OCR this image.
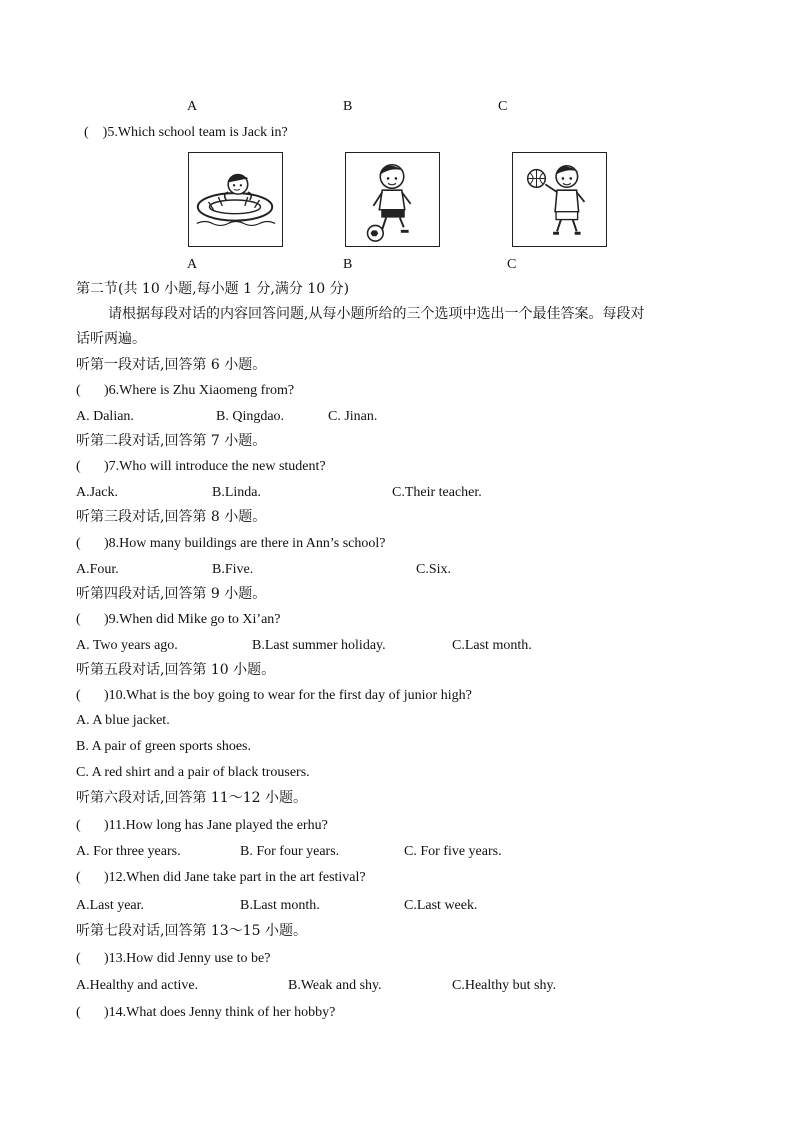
A	B	C
(    )5.Which school team is Jack in?
A	B	C
第二节(共 10 小题,每小题 1 分,满分 10 分)
请根据每段对话的内容回答问题,从每小题所给的三个选项中选出一个最佳答案。每段对
话听两遍。
听第一段对话,回答第 6 小题。
( )6.Where is Zhu Xiaomeng from?
A. Dalian.	B. Qingdao.	C. Jinan.
听第二段对话,回答第 7 小题。
( )7.Who will introduce the new student?
A.Jack.	B.Linda.	C.Their teacher.
听第三段对话,回答第 8 小题。
( )8.How many buildings are there in Ann’s school?
A.Four.	B.Five.	C.Six.
听第四段对话,回答第 9 小题。
( )9.When did Mike go to Xi’an?
A. Two years ago.	B.Last summer holiday.	C.Last month.
听第五段对话,回答第 10 小题。
( )10.What is the boy going to wear for the first day of junior high?
A. A blue jacket.
B. A pair of green sports shoes.
C. A red shirt and a pair of black trousers.
听第六段对话,回答第 11～12 小题。
( )11.How long has Jane played the erhu?
A. For three years.	B. For four years.	C. For five years.
( )12.When did Jane take part in the art festival?
A.Last year.	B.Last month.	C.Last week.
听第七段对话,回答第 13～15 小题。
( )13.How did Jenny use to be?
A.Healthy and active.	B.Weak and shy.	C.Healthy but shy.
( )14.What does Jenny think of her hobby?
